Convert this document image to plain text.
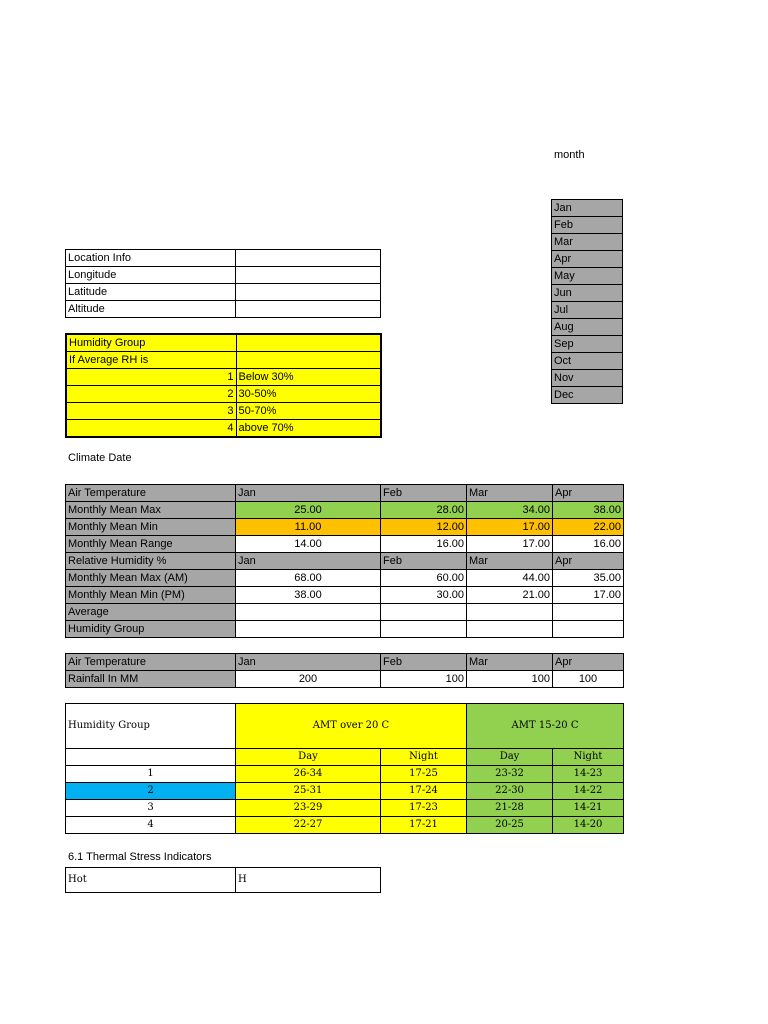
month
Jan
Feb
Mar
Apr
May
Jun
Jul
Aug
Sep
Oct
Nov
Dec
Location Info	
Longitude	
Latitude	
Altitude	
Humidity Group	
If Average RH is	
1	Below 30%
2	30-50%
3	50-70%
4	above 70%
Climate Date
Air Temperature	Jan	Feb	Mar	Apr
Monthly Mean Max	25.00	28.00	34.00	38.00
Monthly Mean Min	11.00	12.00	17.00	22.00
Monthly Mean Range	14.00	16.00	17.00	16.00
Relative Humidity %	Jan	Feb	Mar	Apr
Monthly Mean Max (AM)	68.00	60.00	44.00	35.00
Monthly Mean Min (PM)	38.00	30.00	21.00	17.00
Average				
Humidity Group				
Air Temperature	Jan	Feb	Mar	Apr
Rainfall In MM	200	100	100	100
Humidity Group	AMT over 20 C		AMT 15-20 C	
	Day	Night	Day	Night
1	26-34	17-25	23-32	14-23
2	25-31	17-24	22-30	14-22
3	23-29	17-23	21-28	14-21
4	22-27	17-21	20-25	14-20
6.1 Thermal Stress Indicators
Hot	H
